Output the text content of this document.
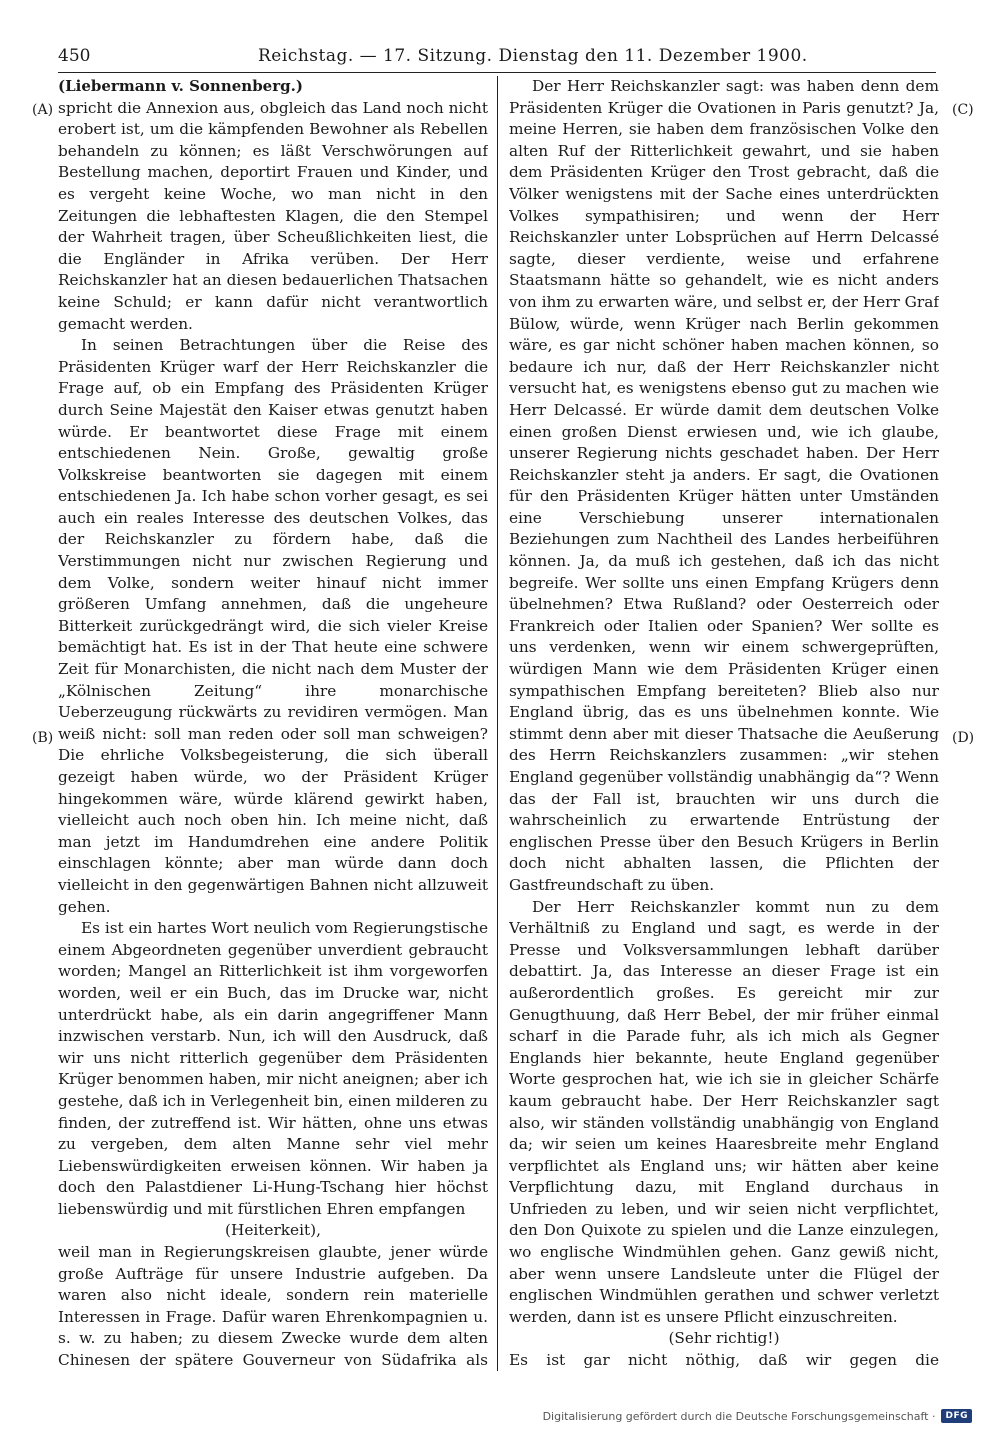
450	Reichstag. — 17. Sitzung. Dienstag den 11. Dezember 1900.
(A)
(B)
(C)
(D)

(Liebermann v. Sonnenberg.)

spricht die Annexion aus, obgleich das Land noch nicht erobert ist, um die kämpfenden Bewohner als Rebellen behandeln zu können; es läßt Verschwörungen auf Bestellung machen, deportirt Frauen und Kinder, und es vergeht keine Woche, wo man nicht in den Zeitungen die lebhaftesten Klagen, die den Stempel der Wahrheit tragen, über Scheußlichkeiten liest, die die Engländer in Afrika verüben. Der Herr Reichskanzler hat an diesen bedauerlichen Thatsachen keine Schuld; er kann dafür nicht verantwortlich gemacht werden.

In seinen Betrachtungen über die Reise des Präsidenten Krüger warf der Herr Reichskanzler die Frage auf, ob ein Empfang des Präsidenten Krüger durch Seine Majestät den Kaiser etwas genutzt haben würde. Er beantwortet diese Frage mit einem entschiedenen Nein. Große, gewaltig große Volkskreise beantworten sie dagegen mit einem entschiedenen Ja. Ich habe schon vorher gesagt, es sei auch ein reales Interesse des deutschen Volkes, das der Reichskanzler zu fördern habe, daß die Verstimmungen nicht nur zwischen Regierung und dem Volke, sondern weiter hinauf nicht immer größeren Umfang annehmen, daß die ungeheure Bitterkeit zurückgedrängt wird, die sich vieler Kreise bemächtigt hat. Es ist in der That heute eine schwere Zeit für Monarchisten, die nicht nach dem Muster der „Kölnischen Zeitung“ ihre monarchische Ueberzeugung rückwärts zu revidiren vermögen. Man weiß nicht: soll man reden oder soll man schweigen? Die ehrliche Volksbegeisterung, die sich überall gezeigt haben würde, wo der Präsident Krüger hingekommen wäre, würde klärend gewirkt haben, vielleicht auch noch oben hin. Ich meine nicht, daß man jetzt im Handumdrehen eine andere Politik einschlagen könnte; aber man würde dann doch vielleicht in den gegenwärtigen Bahnen nicht allzuweit gehen.

Es ist ein hartes Wort neulich vom Regierungstische einem Abgeordneten gegenüber unverdient gebraucht worden; Mangel an Ritterlichkeit ist ihm vorgeworfen worden, weil er ein Buch, das im Drucke war, nicht unterdrückt habe, als ein darin angegriffener Mann inzwischen verstarb. Nun, ich will den Ausdruck, daß wir uns nicht ritterlich gegenüber dem Präsidenten Krüger benommen haben, mir nicht aneignen; aber ich gestehe, daß ich in Verlegenheit bin, einen milderen zu finden, der zutreffend ist. Wir hätten, ohne uns etwas zu vergeben, dem alten Manne sehr viel mehr Liebenswürdigkeiten erweisen können. Wir haben ja doch den Palastdiener Li-Hung-Tschang hier höchst liebenswürdig und mit fürstlichen Ehren empfangen

(Heiterkeit),

weil man in Regierungskreisen glaubte, jener würde große Aufträge für unsere Industrie aufgeben. Da waren also nicht ideale, sondern rein materielle Interessen in Frage. Dafür waren Ehrenkompagnien u. s. w. zu haben; zu diesem Zwecke wurde dem alten Chinesen der spätere Gouverneur von Südafrika als

Der Herr Reichskanzler sagt: was haben denn dem Präsidenten Krüger die Ovationen in Paris genutzt? Ja, meine Herren, sie haben dem französischen Volke den alten Ruf der Ritterlichkeit gewahrt, und sie haben dem Präsidenten Krüger den Trost gebracht, daß die Völker wenigstens mit der Sache eines unterdrückten Volkes sympathisiren; und wenn der Herr Reichskanzler unter Lobsprüchen auf Herrn Delcassé sagte, dieser verdiente, weise und erfahrene Staatsmann hätte so gehandelt, wie es nicht anders von ihm zu erwarten wäre, und selbst er, der Herr Graf Bülow, würde, wenn Krüger nach Berlin gekommen wäre, es gar nicht schöner haben machen können, so bedaure ich nur, daß der Herr Reichskanzler nicht versucht hat, es wenigstens ebenso gut zu machen wie Herr Delcassé. Er würde damit dem deutschen Volke einen großen Dienst erwiesen und, wie ich glaube, unserer Regierung nichts geschadet haben. Der Herr Reichskanzler steht ja anders. Er sagt, die Ovationen für den Präsidenten Krüger hätten unter Umständen eine Verschiebung unserer internationalen Beziehungen zum Nachtheil des Landes herbeiführen können. Ja, da muß ich gestehen, daß ich das nicht begreife. Wer sollte uns einen Empfang Krügers denn übelnehmen? Etwa Rußland? oder Oesterreich oder Frankreich oder Italien oder Spanien? Wer sollte es uns verdenken, wenn wir einem schwergeprüften, würdigen Mann wie dem Präsidenten Krüger einen sympathischen Empfang bereiteten? Blieb also nur England übrig, das es uns übelnehmen konnte. Wie stimmt denn aber mit dieser Thatsache die Aeußerung des Herrn Reichskanzlers zusammen: „wir stehen England gegenüber vollständig unabhängig da“? Wenn das der Fall ist, brauchten wir uns durch die wahrscheinlich zu erwartende Entrüstung der englischen Presse über den Besuch Krügers in Berlin doch nicht abhalten lassen, die Pflichten der Gastfreundschaft zu üben.

Der Herr Reichskanzler kommt nun zu dem Verhältniß zu England und sagt, es werde in der Presse und Volksversammlungen lebhaft darüber debattirt. Ja, das Interesse an dieser Frage ist ein außerordentlich großes. Es gereicht mir zur Genugthuung, daß Herr Bebel, der mir früher einmal scharf in die Parade fuhr, als ich mich als Gegner Englands hier bekannte, heute England gegenüber Worte gesprochen hat, wie ich sie in gleicher Schärfe kaum gebraucht habe. Der Herr Reichskanzler sagt also, wir ständen vollständig unabhängig von England da; wir seien um keines Haaresbreite mehr England verpflichtet als England uns; wir hätten aber keine Verpflichtung dazu, mit England durchaus in Unfrieden zu leben, und wir seien nicht verpflichtet, den Don Quixote zu spielen und die Lanze einzulegen, wo englische Windmühlen gehen. Ganz gewiß nicht, aber wenn unsere Landsleute unter die Flügel der englischen Windmühlen gerathen und schwer verletzt werden, dann ist es unsere Pflicht einzuschreiten.

(Sehr richtig!)

Es ist gar nicht nöthig, daß wir gegen die

Digitalisierung gefördert durch die Deutsche Forschungsgemeinschaft ·	DFG
